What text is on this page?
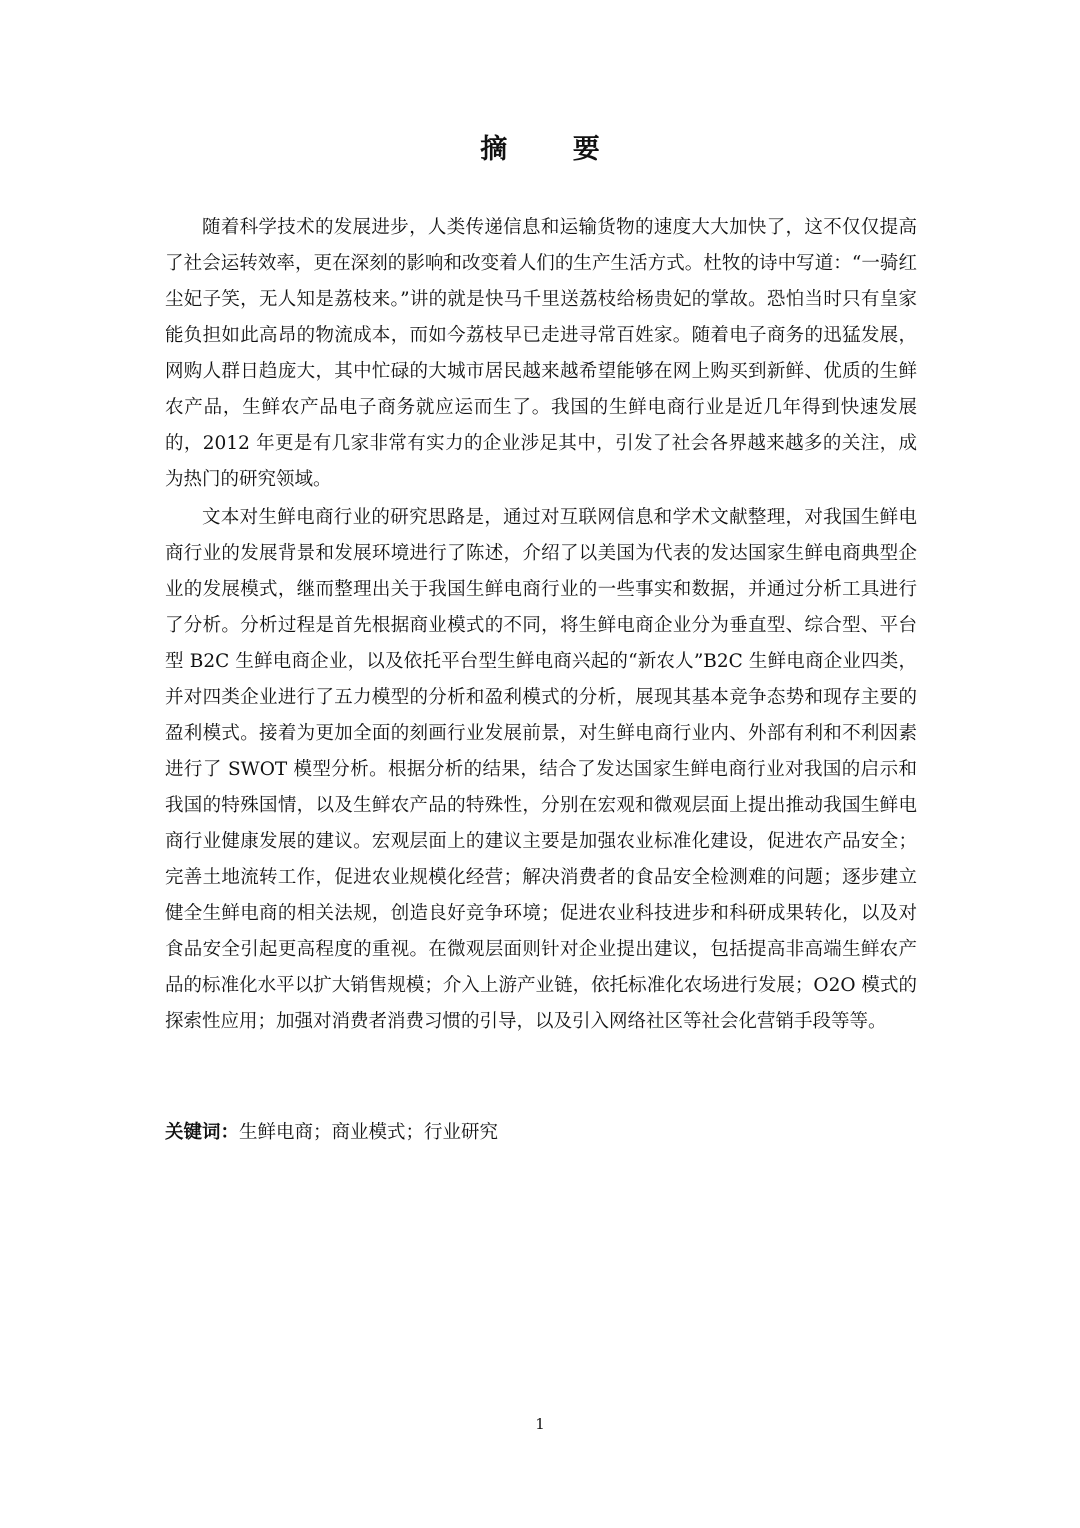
摘 要

随着科学技术的发展进步，人类传递信息和运输货物的速度大大加快了，这不仅仅提高了社会运转效率，更在深刻的影响和改变着人们的生产生活方式。杜牧的诗中写道：“一骑红尘妃子笑，无人知是荔枝来。”讲的就是快马千里送荔枝给杨贵妃的掌故。恐怕当时只有皇家能负担如此高昂的物流成本，而如今荔枝早已走进寻常百姓家。随着电子商务的迅猛发展，网购人群日趋庞大，其中忙碌的大城市居民越来越希望能够在网上购买到新鲜、优质的生鲜农产品，生鲜农产品电子商务就应运而生了。我国的生鲜电商行业是近几年得到快速发展的，2012 年更是有几家非常有实力的企业涉足其中，引发了社会各界越来越多的关注，成为热门的研究领域。

文本对生鲜电商行业的研究思路是，通过对互联网信息和学术文献整理，对我国生鲜电商行业的发展背景和发展环境进行了陈述，介绍了以美国为代表的发达国家生鲜电商典型企业的发展模式，继而整理出关于我国生鲜电商行业的一些事实和数据，并通过分析工具进行了分析。分析过程是首先根据商业模式的不同，将生鲜电商企业分为垂直型、综合型、平台型 B2C 生鲜电商企业，以及依托平台型生鲜电商兴起的“新农人”B2C 生鲜电商企业四类，并对四类企业进行了五力模型的分析和盈利模式的分析，展现其基本竞争态势和现存主要的盈利模式。接着为更加全面的刻画行业发展前景，对生鲜电商行业内、外部有利和不利因素进行了 SWOT 模型分析。根据分析的结果，结合了发达国家生鲜电商行业对我国的启示和我国的特殊国情，以及生鲜农产品的特殊性，分别在宏观和微观层面上提出推动我国生鲜电商行业健康发展的建议。宏观层面上的建议主要是加强农业标准化建设，促进农产品安全；完善土地流转工作，促进农业规模化经营；解决消费者的食品安全检测难的问题；逐步建立健全生鲜电商的相关法规，创造良好竞争环境；促进农业科技进步和科研成果转化，以及对食品安全引起更高程度的重视。在微观层面则针对企业提出建议，包括提高非高端生鲜农产品的标准化水平以扩大销售规模；介入上游产业链，依托标准化农场进行发展；O2O 模式的探索性应用；加强对消费者消费习惯的引导，以及引入网络社区等社会化营销手段等等。

关键词：生鲜电商；商业模式；行业研究
1
